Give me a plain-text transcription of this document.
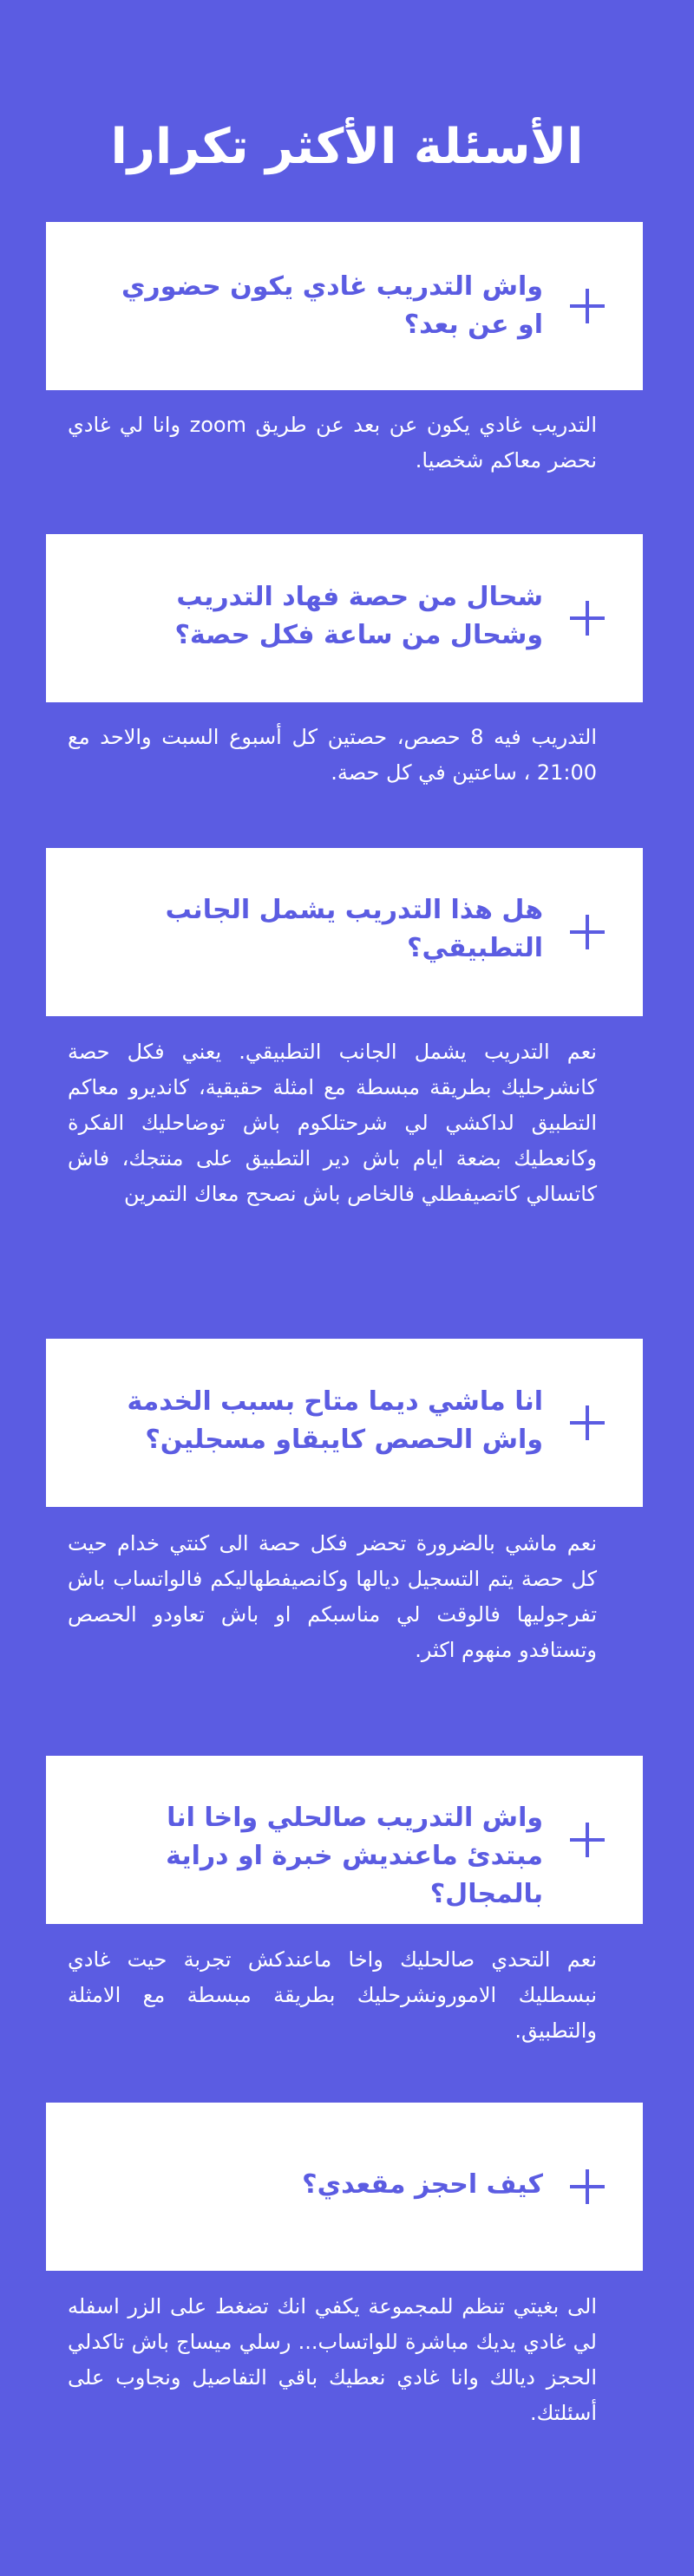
الأسئلة الأكثر تكرارا
واش التدريب غادي يكون حضوري او عن بعد؟
التدريب غادي يكون عن بعد عن طريق zoom وانا لي غادي نحضر معاكم شخصيا.
شحال من حصة فهاد التدريب وشحال من ساعة فكل حصة؟
التدريب فيه 8 حصص، حصتين كل أسبوع السبت والاحد مع 21:00 ، ساعتين في كل حصة.
هل هذا التدريب يشمل الجانب التطبيقي؟
نعم التدريب يشمل الجانب التطبيقي. يعني فكل حصة كانشرحليك بطريقة مبسطة مع امثلة حقيقية، كانديرو معاكم التطبيق لداكشي لي شرحتلكوم باش توضاحليك الفكرة وكانعطيك بضعة ايام باش دير التطبيق على منتجك، فاش كاتسالي كاتصيفطلي فالخاص باش نصحح معاك التمرين
انا ماشي ديما متاح بسبب الخدمة واش الحصص كايبقاو مسجلين؟
نعم ماشي بالضرورة تحضر فكل حصة الى كنتي خدام حيت كل حصة يتم التسجيل ديالها وكانصيفطهاليكم فالواتساب باش تفرجوليها فالوقت لي مناسبكم او باش تعاودو الحصص وتستافدو منهوم اكثر.
واش التدريب صالحلي واخا انا مبتدئ ماعنديش خبرة او دراية بالمجال؟
نعم التحدي صالحليك واخا ماعندكش تجربة حيت غادي نبسطليك الامورونشرحليك بطريقة مبسطة مع الامثلة والتطبيق.
كيف احجز مقعدي؟
الى بغيتي تنظم للمجموعة يكفي انك تضغط على الزر اسفله لي غادي يديك مباشرة للواتساب... رسلي ميساج باش تاكدلي الحجز ديالك وانا غادي نعطيك باقي التفاصيل ونجاوب على أسئلتك.
